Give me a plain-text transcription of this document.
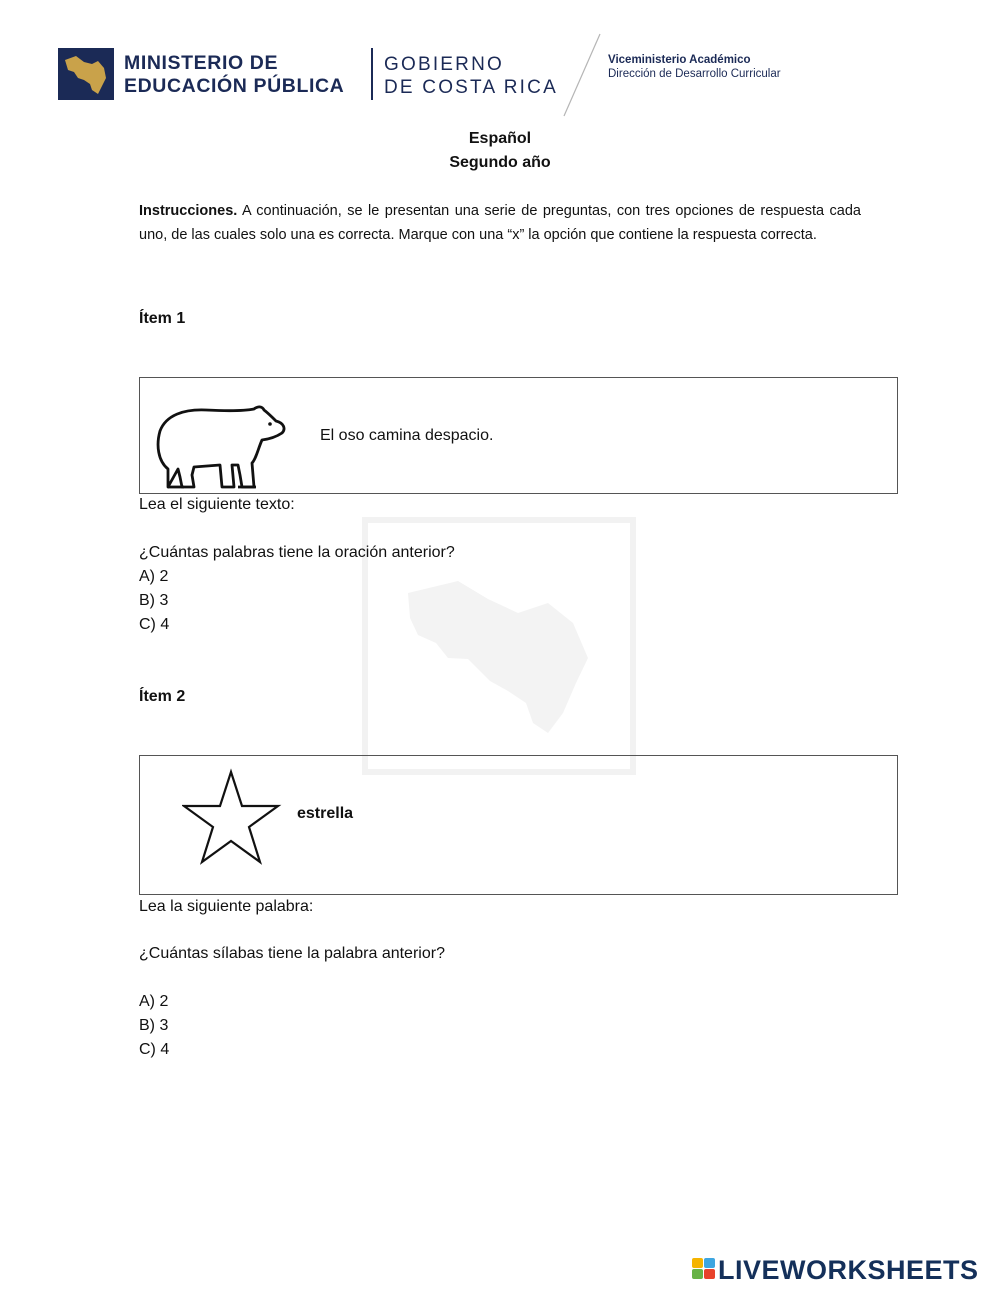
MINISTERIO DE
EDUCACIÓN PÚBLICA
GOBIERNO
DE COSTA RICA
Viceministerio Académico
Dirección de Desarrollo Curricular
Español
Segundo año
Instrucciones. A continuación, se le presentan una serie de preguntas, con tres opciones de respuesta cada uno, de las cuales solo una es correcta. Marque con una “x” la opción que contiene la respuesta correcta.
Ítem 1
El oso camina despacio.
Lea el siguiente texto:
¿Cuántas palabras tiene la oración anterior?
A) 2
B) 3
C) 4
Ítem 2
estrella
Lea la siguiente palabra:
¿Cuántas sílabas tiene la palabra anterior?
A) 2
B) 3
C) 4
LIVEWORKSHEETS
